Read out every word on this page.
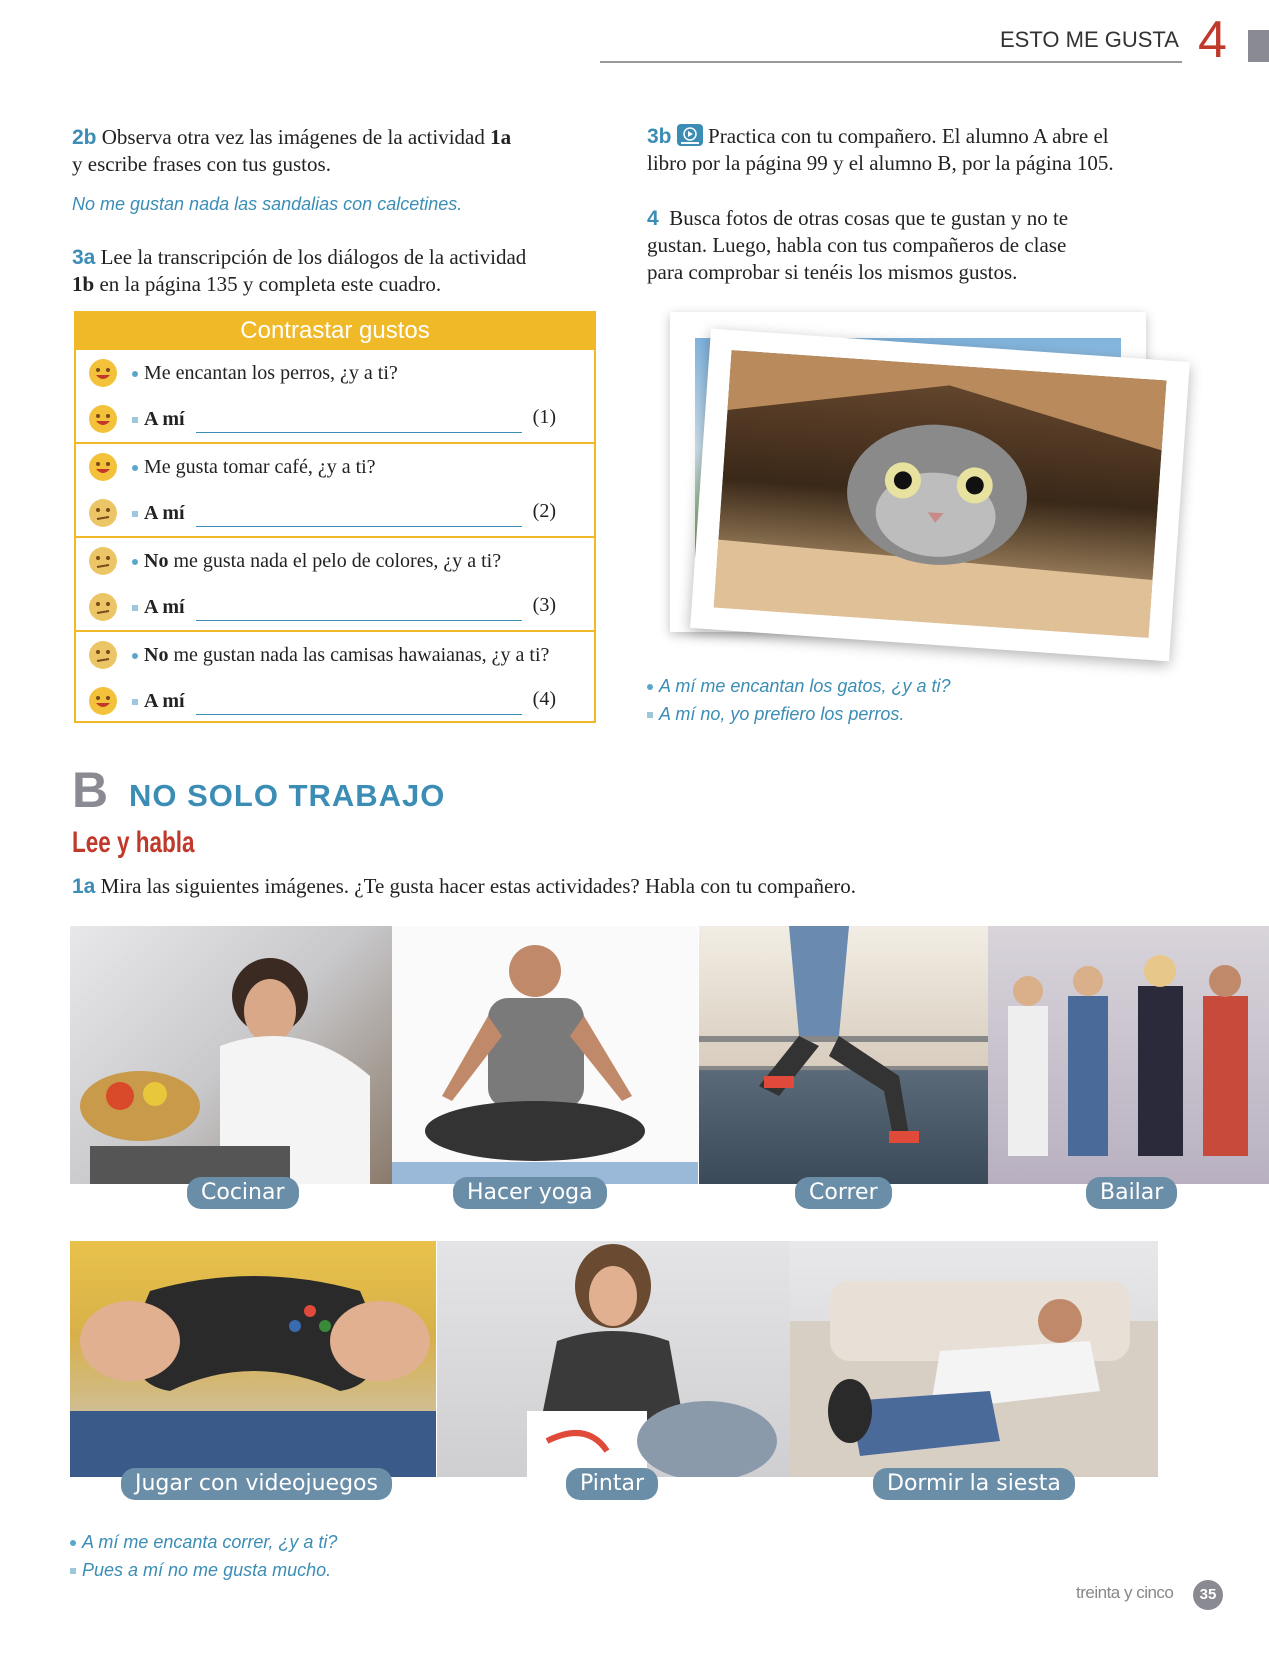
ESTO ME GUSTA 4
2b Observa otra vez las imágenes de la actividad 1a
y escribe frases con tus gustos.
No me gustan nada las sandalias con calcetines.
3a Lee la transcripción de los diálogos de la actividad
1b en la página 135 y completa este cuadro.
Contrastar gustos
Me encantan los perros, ¿y a ti?
A mí	(1)
Me gusta tomar café, ¿y a ti?
A mí	(2)
No me gusta nada el pelo de colores, ¿y a ti?
A mí	(3)
No me gustan nada las camisas hawaianas, ¿y a ti?
A mí	(4)
3b Practica con tu compañero. El alumno A abre el
libro por la página 99 y el alumno B, por la página 105.
4 Busca fotos de otras cosas que te gustan y no te
gustan. Luego, habla con tus compañeros de clase
para comprobar si tenéis los mismos gustos.
A mí me encantan los gatos, ¿y a ti?
A mí no, yo prefiero los perros.
B NO SOLO TRABAJO
Lee y habla
1a Mira las siguientes imágenes. ¿Te gusta hacer estas actividades? Habla con tu compañero.
Cocinar	Hacer yoga	Correr	Bailar
Jugar con videojuegos	Pintar	Dormir la siesta
A mí me encanta correr, ¿y a ti?
Pues a mí no me gusta mucho.
treinta y cinco	35
